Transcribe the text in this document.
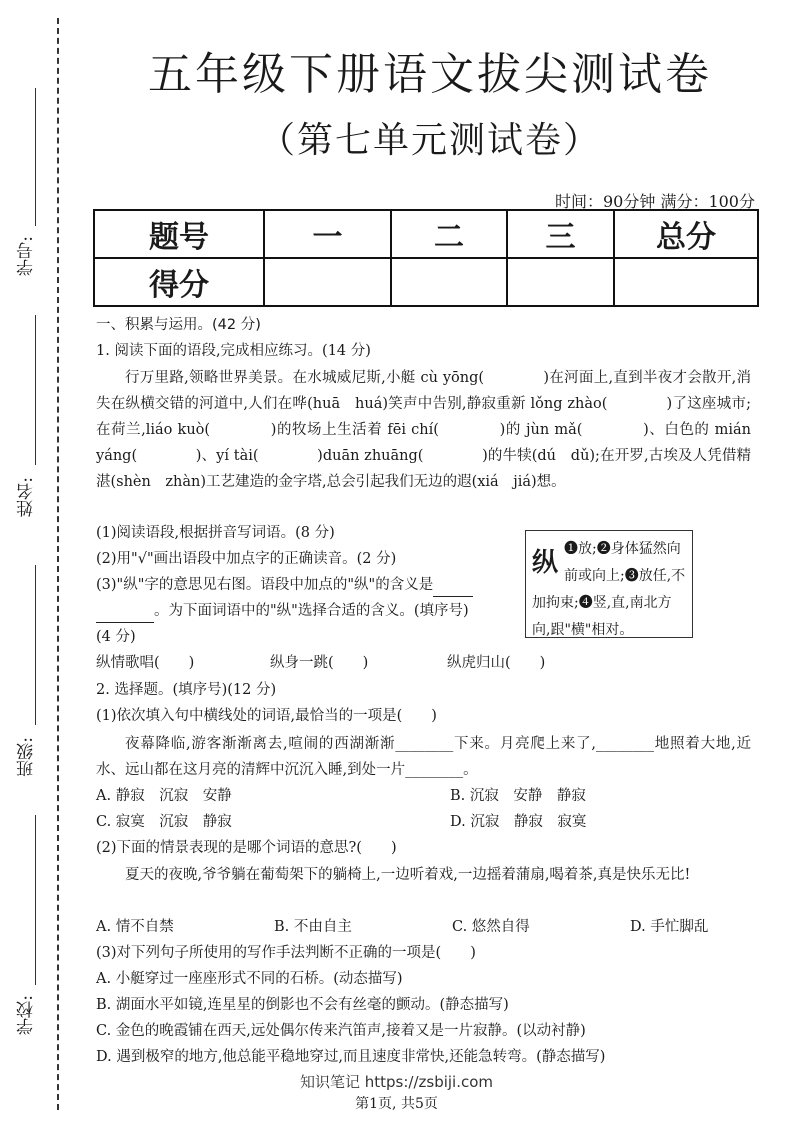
学号:
姓名:
班级:
学校:
五年级下册语文拔尖测试卷
（第七单元测试卷）
时间：90分钟 满分：100分
题号	一	二	三	总分
得分				
一、积累与运用。(42 分)
1. 阅读下面的语段,完成相应练习。(14 分)
行万里路,领略世界美景。在水城威尼斯,小艇 cù yōng(　　　　)在河面上,直到半夜才会散开,消失在纵横交错的河道中,人们在哗(huā　huá)笑声中告别,静寂重新 lǒng zhào(　　　　)了这座城市;在荷兰,liáo kuò(　　　　)的牧场上生活着 fēi chí(　　　　)的 jùn mǎ(　　　　)、白色的 mián yáng(　　　　)、yí tài(　　　　)duān zhuāng(　　　　)的牛犊(dú　dǔ);在开罗,古埃及人凭借精湛(shèn　zhàn)工艺建造的金字塔,总会引起我们无边的遐(xiá　jiá)想。
(1)阅读语段,根据拼音写词语。(8 分)
(2)用"√"画出语段中加点字的正确读音。(2 分)
(3)"纵"字的意思见右图。语段中加点的"纵"的含义是
。为下面词语中的"纵"选择合适的含义。(填序号)
(4 分)
纵情歌唱(　　)	纵身一跳(　　)	纵虎归山(　　)
纵 ❶放;❷身体猛然向前或向上;❸放任,不加拘束;❹竖,直,南北方向,跟"横"相对。
2. 选择题。(填序号)(12 分)
(1)依次填入句中横线处的词语,最恰当的一项是(　　)
夜幕降临,游客渐渐离去,喧闹的西湖渐渐________下来。月亮爬上来了,________地照着大地,近水、远山都在这月亮的清辉中沉沉入睡,到处一片________。
A. 静寂　沉寂　安静	B. 沉寂　安静　静寂
C. 寂寞　沉寂　静寂	D. 沉寂　静寂　寂寞
(2)下面的情景表现的是哪个词语的意思?(　　)
夏天的夜晚,爷爷躺在葡萄架下的躺椅上,一边听着戏,一边摇着蒲扇,喝着茶,真是快乐无比!
A. 情不自禁	B. 不由自主	C. 悠然自得	D. 手忙脚乱
(3)对下列句子所使用的写作手法判断不正确的一项是(　　)
A. 小艇穿过一座座形式不同的石桥。(动态描写)
B. 湖面水平如镜,连星星的倒影也不会有丝毫的颤动。(静态描写)
C. 金色的晚霞铺在西天,远处偶尔传来汽笛声,接着又是一片寂静。(以动衬静)
D. 遇到极窄的地方,他总能平稳地穿过,而且速度非常快,还能急转弯。(静态描写)
知识笔记 https://zsbiji.com
第1页, 共5页
